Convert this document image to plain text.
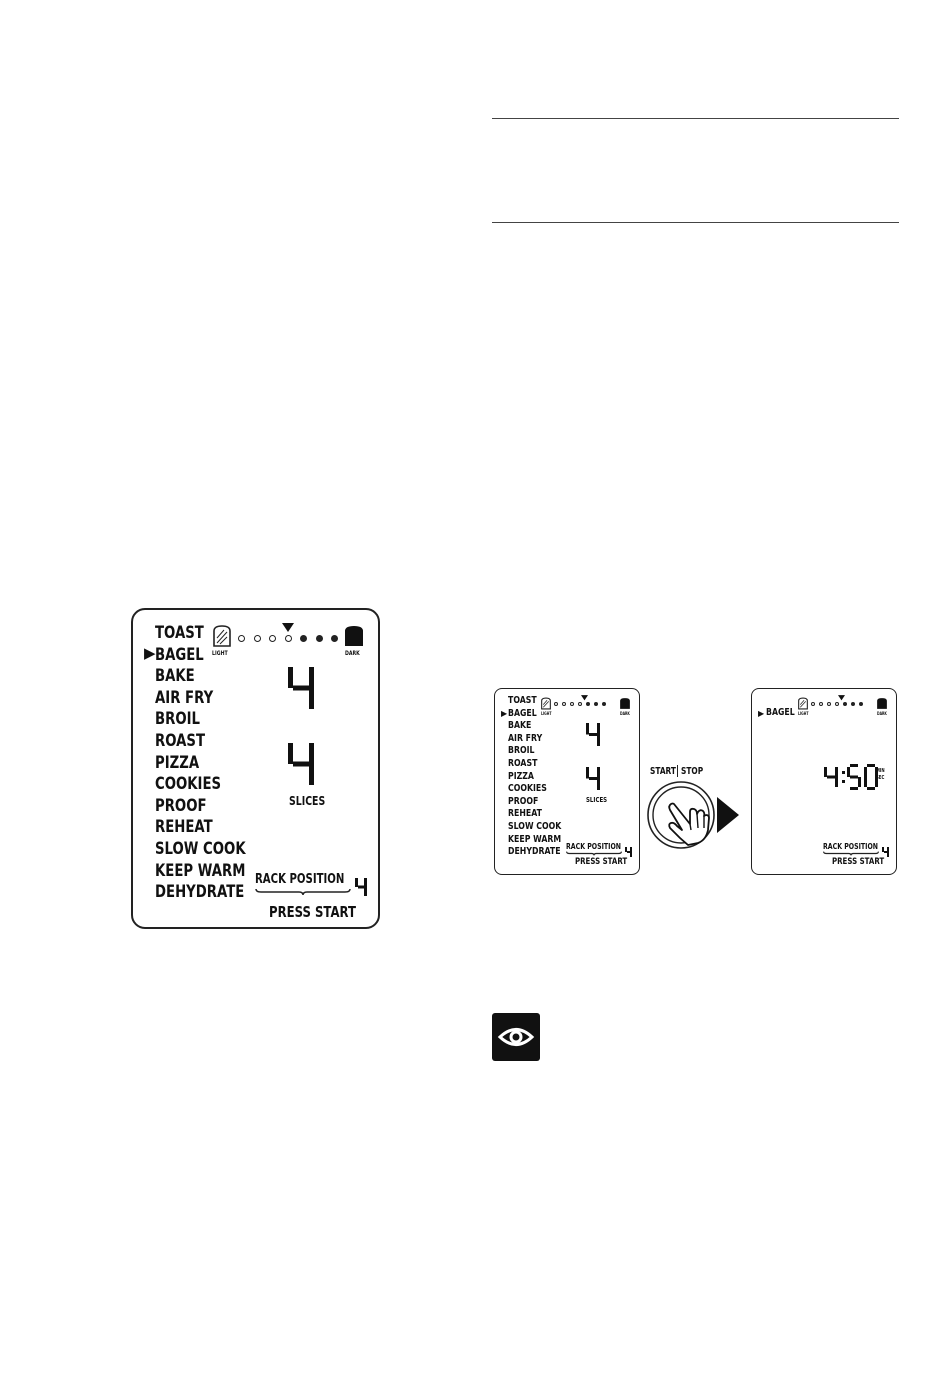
TOAST
BAGEL
BAKE
AIR FRY
BROIL
ROAST
PIZZA
COOKIES
PROOF
REHEAT
SLOW COOK
KEEP WARM
DEHYDRATE
▶	LIGHT	DARK
SLICES
RACK POSITION
PRESS START
TOAST
BAGEL
BAKE
AIR FRY
BROIL
ROAST
PIZZA
COOKIES
PROOF
REHEAT
SLOW COOK
KEEP WARM
DEHYDRATE
▶	LIGHT	DARK
SLICES
RACK POSITION
PRESS START
START STOP
▶ BAGEL LIGHT	DARK
MIN
SEC
RACK POSITION
PRESS START
